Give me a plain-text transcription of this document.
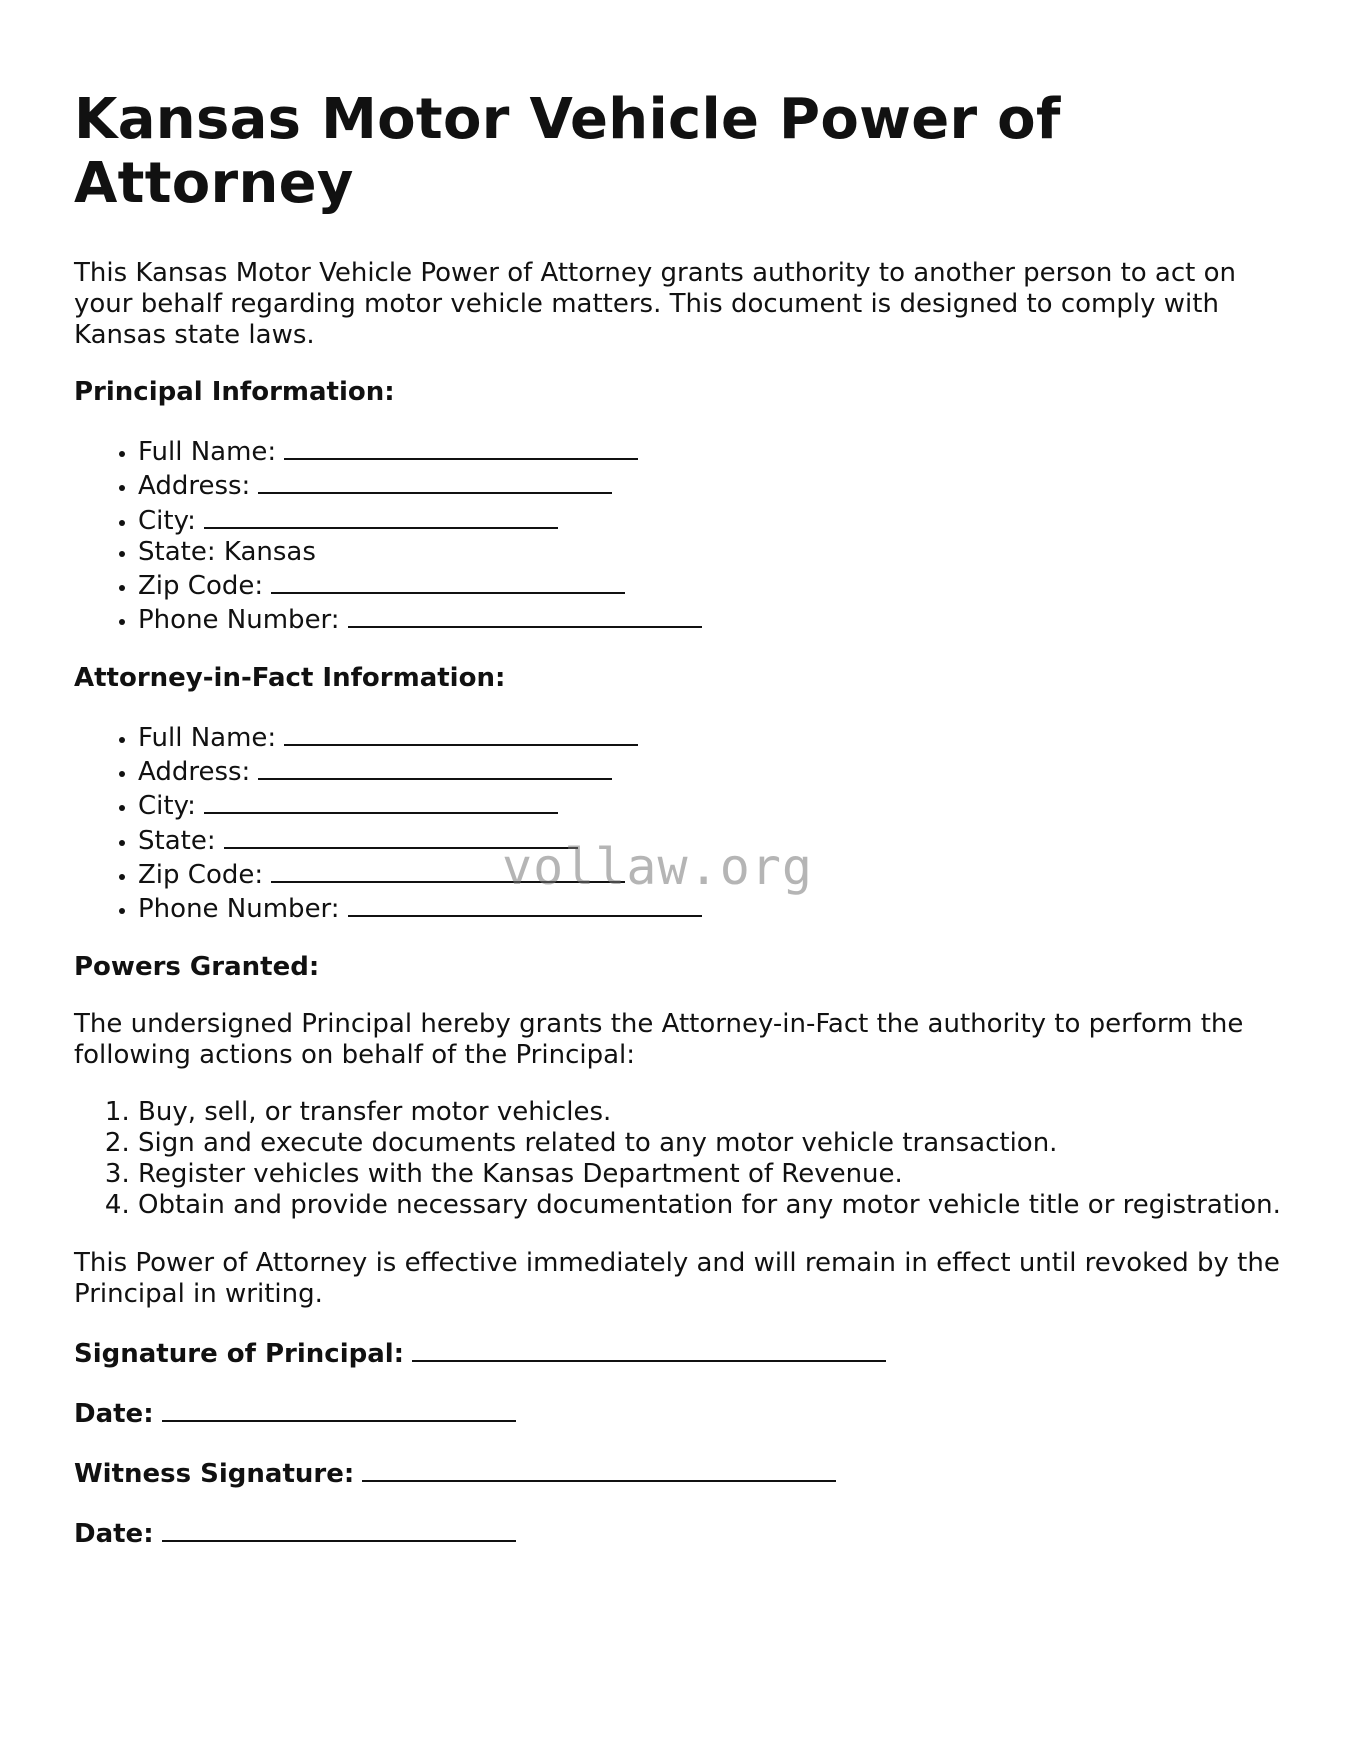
Kansas Motor Vehicle Power of Attorney

This Kansas Motor Vehicle Power of Attorney grants authority to another person to act on your behalf regarding motor vehicle matters. This document is designed to comply with Kansas state laws.

Principal Information:
• Full Name:
• Address:
• City:
• State: Kansas
• Zip Code:
• Phone Number:
Attorney-in-Fact Information:
• Full Name:
• Address:
• City:
• State:
• Zip Code:
• Phone Number:
Powers Granted:

The undersigned Principal hereby grants the Attorney-in-Fact the authority to perform the following actions on behalf of the Principal:

1. Buy, sell, or transfer motor vehicles.
2. Sign and execute documents related to any motor vehicle transaction.
3. Register vehicles with the Kansas Department of Revenue.
4. Obtain and provide necessary documentation for any motor vehicle title or registration.

This Power of Attorney is effective immediately and will remain in effect until revoked by the Principal in writing.

Signature of Principal:
Date:
Witness Signature:
Date:
vollaw.org
